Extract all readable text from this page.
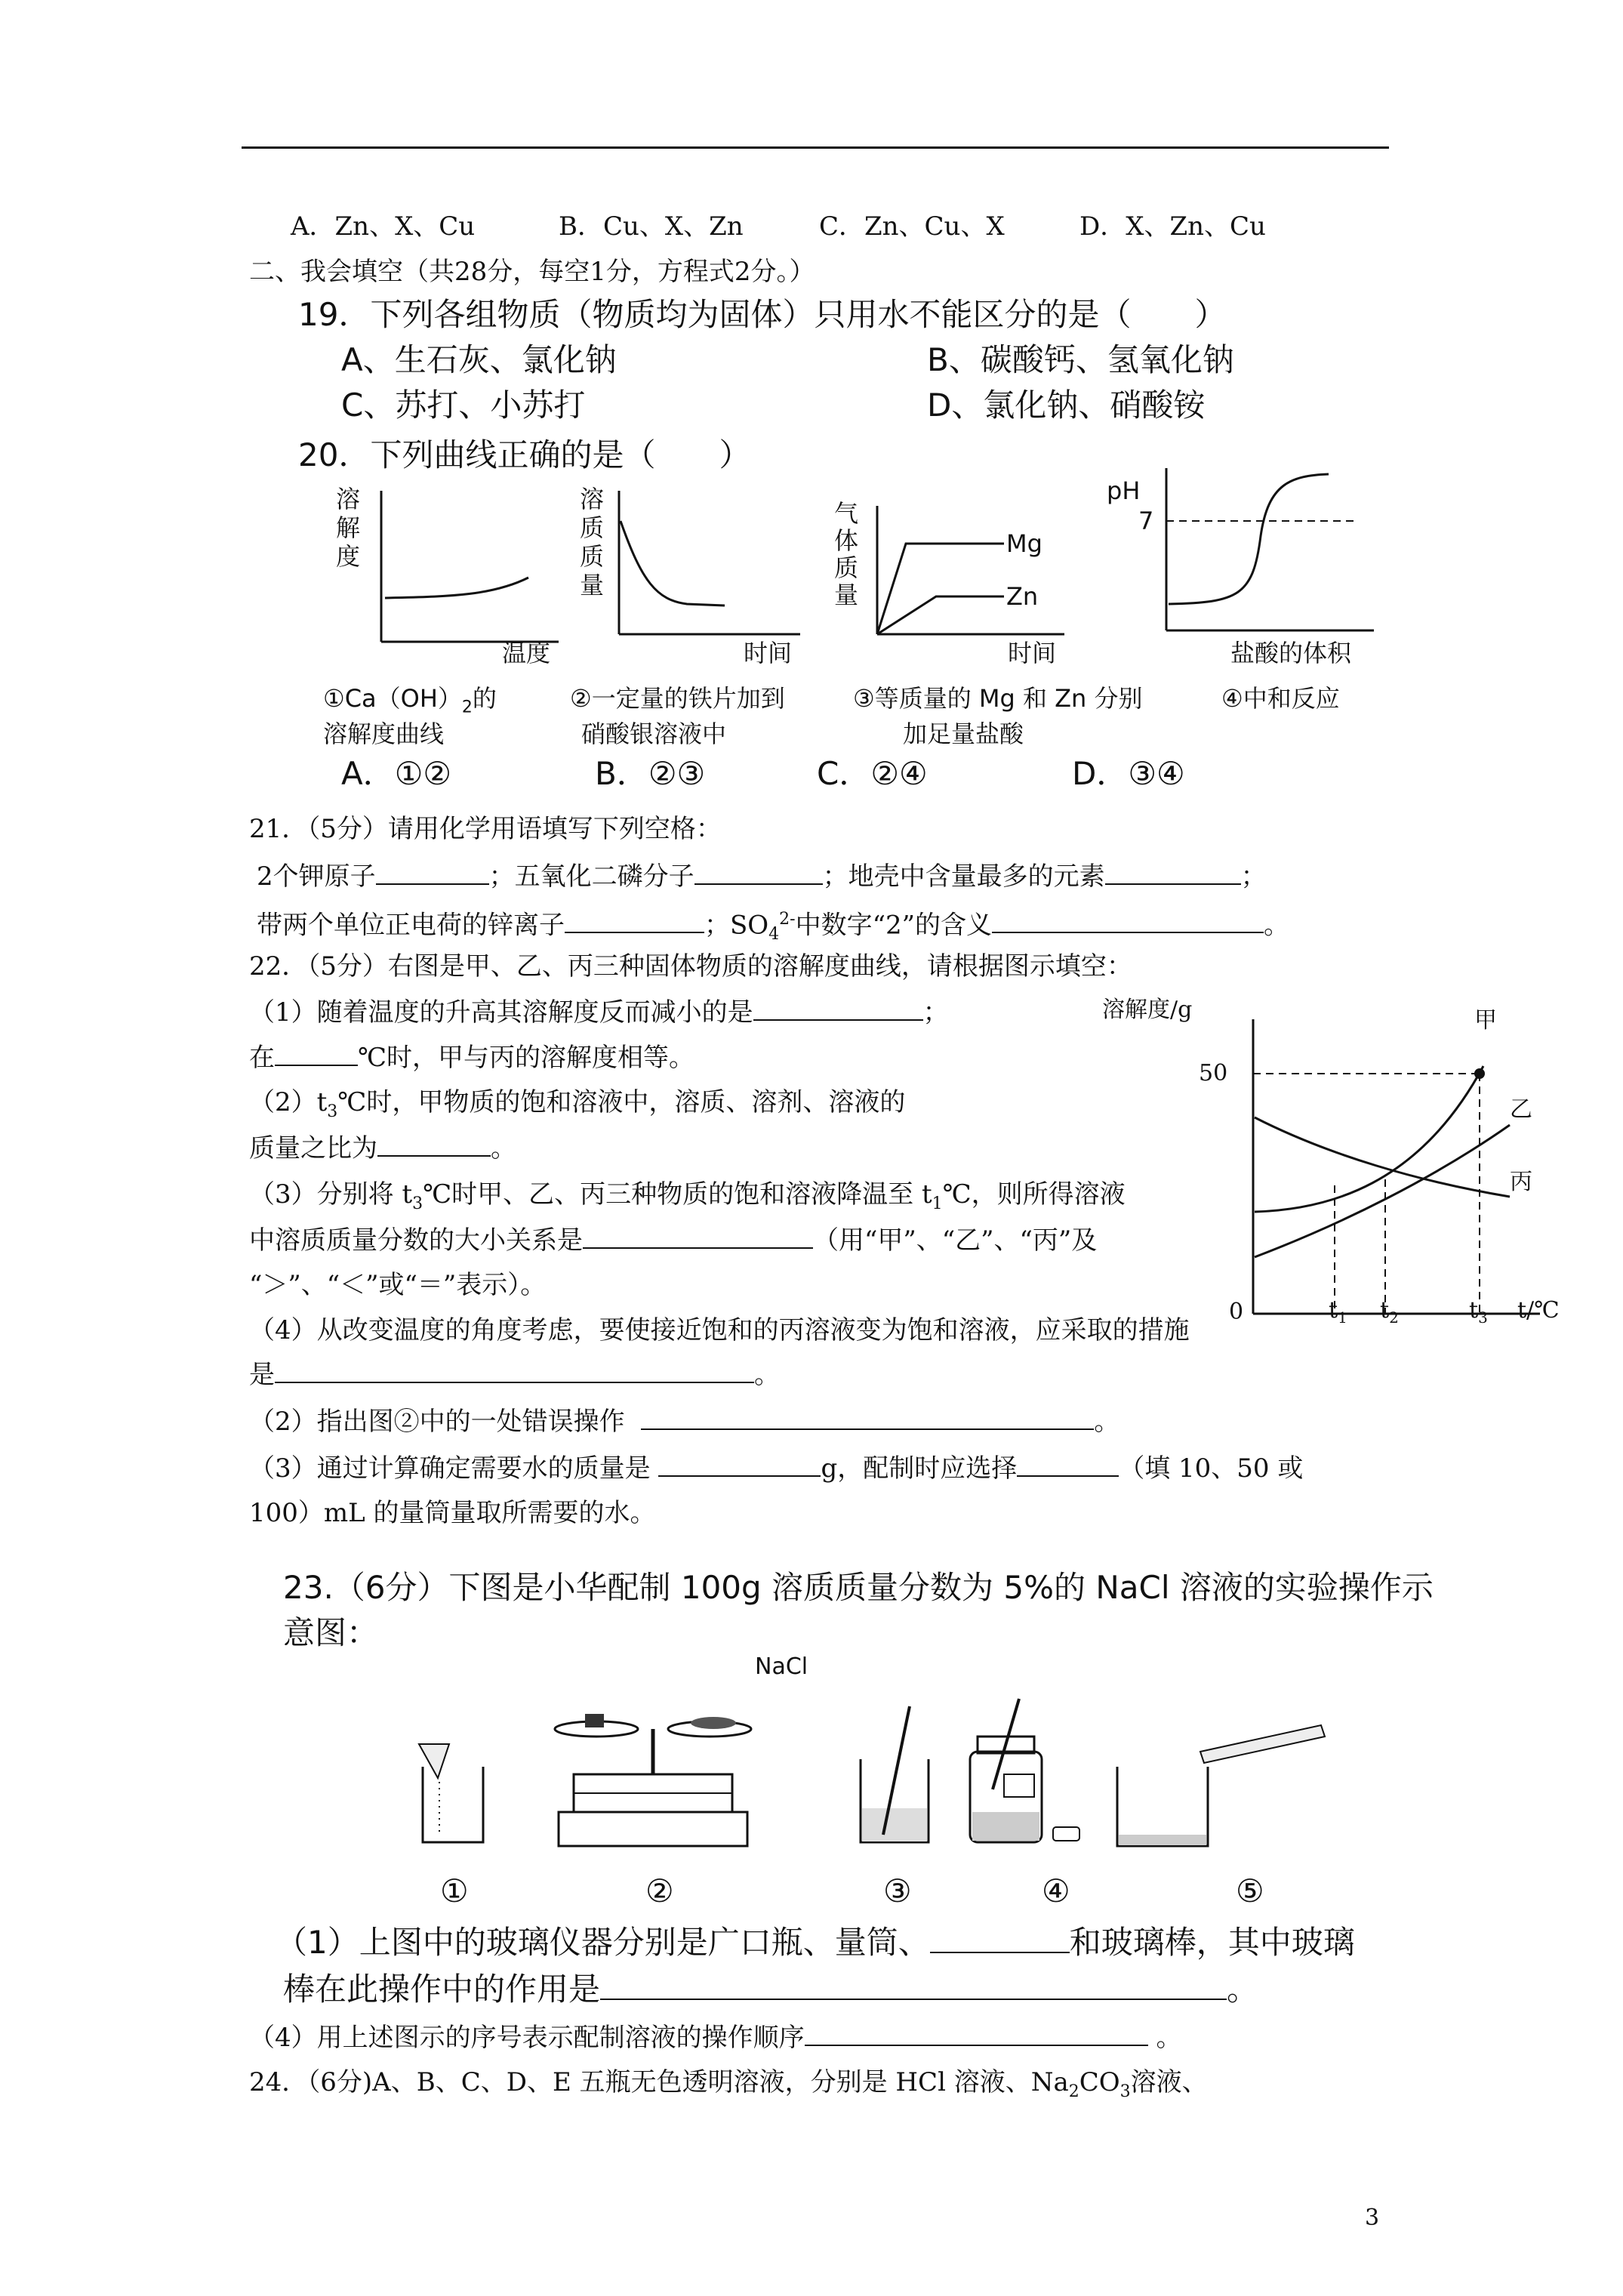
A．Zn、X、Cu	B．Cu、X、Zn	C．Zn、Cu、X	D．X、Zn、Cu
二、我会填空（共28分，每空1分，方程式2分。）
19．下列各组物质（物质均为固体）只用水不能区分的是（　　）
A、生石灰、氯化钠	B、碳酸钙、氢氧化钠
C、苏打、小苏打	D、氯化钠、硝酸铵
20．下列曲线正确的是（　　）
溶解度
温度
溶质质量
时间
气体质量
Mg
Zn
时间
pH
7
盐酸的体积
$①Ca(OH)_2$的
溶解度曲线
②一定量的铁片加到
硝酸银溶液中
③等质量的 Mg 和 Zn 分别
加足量盐酸
④中和反应
A．①②	B．②③	C．②④	D．③④
21．（5分）请用化学用语填写下列空格：
2个钾原子	；五氧化二磷分子	；地壳中含量最多的元素	；
带两个单位正电荷的锌离子	；$SO_4^{2-}$中数字“2”的含义	。
22．（5分）右图是甲、乙、丙三种固体物质的溶解度曲线，请根据图示填空：
（1）随着温度的升高其溶解度反而减小的是	；
在	℃时，甲与丙的溶解度相等。
$(2)t_3℃$时，甲物质的饱和溶液中，溶质、溶剂、溶液的
质量之比为	。
（3）分别将 $t_3℃$时甲、乙、丙三种物质的饱和溶液降温至 $t_1℃$，则所得溶液
中溶质质量分数的大小关系是	（用“甲”、“乙”、“丙”及
“＞”、“＜”或“＝”表示）。
（4）从改变温度的角度考虑，要使接近饱和的丙溶液变为饱和溶液，应采取的措施
是	。
溶解度/g
50
甲
乙
丙
0	$t_1$ $t_2$	$t_3$ t/℃
（2）指出图②中的一处错误操作	。
（3）通过计算确定需要水的质量是	g，配制时应选择	（填 10、50 或
100）mL 的量筒量取所需要的水。
23.（6分）下图是小华配制 100g 溶质质量分数为 5%的 NaCl 溶液的实验操作示
意图：
NaCl
①	②	③	④	⑤
（1）上图中的玻璃仪器分别是广口瓶、量筒、	和玻璃棒，其中玻璃
棒在此操作中的作用是	。
（4）用上述图示的序号表示配制溶液的操作顺序	。
24．（6分)A、B、C、D、E 五瓶无色透明溶液，分别是 HCl 溶液、$Na_2CO_3$溶液、
3
